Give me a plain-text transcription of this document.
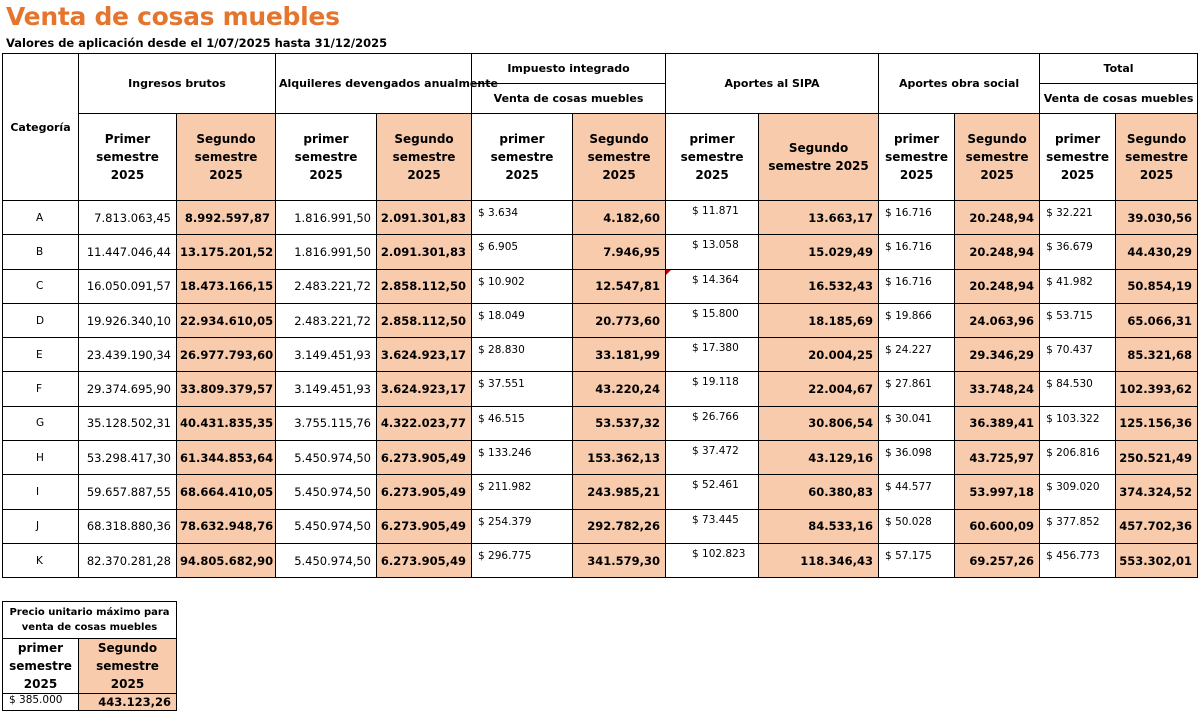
Venta de cosas muebles
Valores de aplicación desde el 1/07/2025 hasta 31/12/2025
Categoría	Ingresos brutos		Alquileres devengados anualmente		Impuesto integrado		Aportes al SIPA		Aportes obra social		Total	
					Venta de cosas muebles						Venta de cosas muebles	
	Primer semestre 2025	Segundo semestre 2025	primer semestre 2025	Segundo semestre 2025	primer semestre 2025	Segundo semestre 2025	primer semestre 2025	Segundo semestre 2025	primer semestre 2025	Segundo semestre 2025	primer semestre 2025	Segundo semestre 2025
A	7.813.063,45	8.992.597,87	1.816.991,50	2.091.301,83	$ 3.634	4.182,60	$ 11.871	13.663,17	$ 16.716	20.248,94	$ 32.221	39.030,56
B	11.447.046,44	13.175.201,52	1.816.991,50	2.091.301,83	$ 6.905	7.946,95	$ 13.058	15.029,49	$ 16.716	20.248,94	$ 36.679	44.430,29
C	16.050.091,57	18.473.166,15	2.483.221,72	2.858.112,50	$ 10.902	12.547,81	$ 14.364	16.532,43	$ 16.716	20.248,94	$ 41.982	50.854,19
D	19.926.340,10	22.934.610,05	2.483.221,72	2.858.112,50	$ 18.049	20.773,60	$ 15.800	18.185,69	$ 19.866	24.063,96	$ 53.715	65.066,31
E	23.439.190,34	26.977.793,60	3.149.451,93	3.624.923,17	$ 28.830	33.181,99	$ 17.380	20.004,25	$ 24.227	29.346,29	$ 70.437	85.321,68
F	29.374.695,90	33.809.379,57	3.149.451,93	3.624.923,17	$ 37.551	43.220,24	$ 19.118	22.004,67	$ 27.861	33.748,24	$ 84.530	102.393,62
G	35.128.502,31	40.431.835,35	3.755.115,76	4.322.023,77	$ 46.515	53.537,32	$ 26.766	30.806,54	$ 30.041	36.389,41	$ 103.322	125.156,36
H	53.298.417,30	61.344.853,64	5.450.974,50	6.273.905,49	$ 133.246	153.362,13	$ 37.472	43.129,16	$ 36.098	43.725,97	$ 206.816	250.521,49
I	59.657.887,55	68.664.410,05	5.450.974,50	6.273.905,49	$ 211.982	243.985,21	$ 52.461	60.380,83	$ 44.577	53.997,18	$ 309.020	374.324,52
J	68.318.880,36	78.632.948,76	5.450.974,50	6.273.905,49	$ 254.379	292.782,26	$ 73.445	84.533,16	$ 50.028	60.600,09	$ 377.852	457.702,36
K	82.370.281,28	94.805.682,90	5.450.974,50	6.273.905,49	$ 296.775	341.579,30	$ 102.823	118.346,43	$ 57.175	69.257,26	$ 456.773	553.302,01
Precio unitario máximo para venta de cosas muebles	
primer semestre 2025	Segundo semestre 2025
$ 385.000	443.123,26
